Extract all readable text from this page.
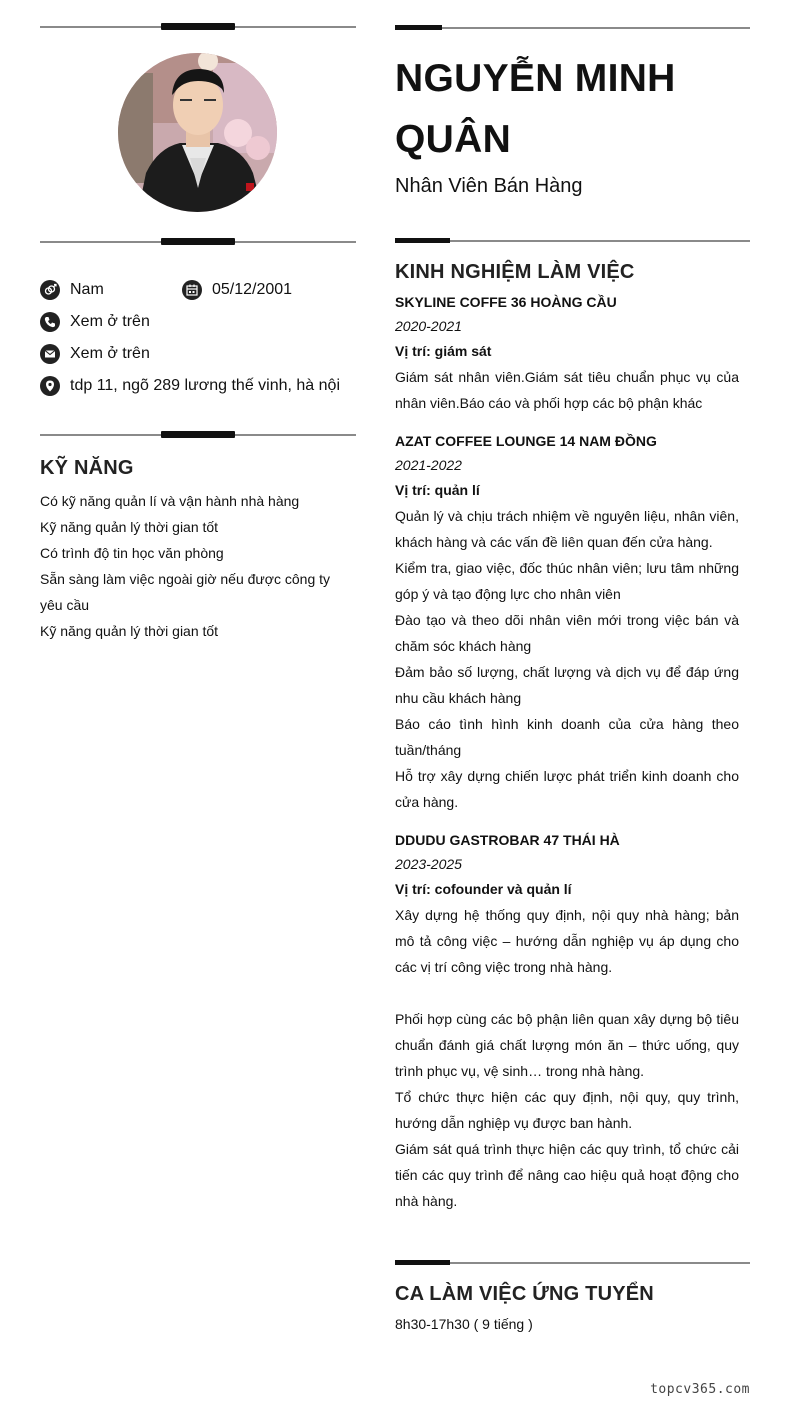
Nam	05/12/2001
Xem ở trên
Xem ở trên
tdp 11, ngõ 289 lương thế vinh, hà nội
KỸ NĂNG
Có kỹ năng quản lí và vận hành nhà hàng
Kỹ năng quản lý thời gian tốt
Có trình độ tin học văn phòng
Sẵn sàng làm việc ngoài giờ nếu được công ty yêu cầu
Kỹ năng quản lý thời gian tốt
NGUYỄN MINH QUÂN
Nhân Viên Bán Hàng
KINH NGHIỆM LÀM VIỆC
SKYLINE COFFE 36 HOÀNG CẦU
2020-2021
Vị trí: giám sát

Giám sát nhân viên.Giám sát tiêu chuẩn phục vụ của nhân viên.Báo cáo và phối hợp các bộ phận khác

AZAT COFFEE LOUNGE 14 NAM ĐỒNG
2021-2022
Vị trí: quản lí

Quản lý và chịu trách nhiệm về nguyên liệu, nhân viên, khách hàng và các vấn đề liên quan đến cửa hàng.

Kiểm tra, giao việc, đốc thúc nhân viên; lưu tâm những góp ý và tạo động lực cho nhân viên

Đào tạo và theo dõi nhân viên mới trong việc bán và chăm sóc khách hàng

Đảm bảo số lượng, chất lượng và dịch vụ để đáp ứng nhu cầu khách hàng

Báo cáo tình hình kinh doanh của cửa hàng theo tuần/tháng

Hỗ trợ xây dựng chiến lược phát triển kinh doanh cho cửa hàng.

DDUDU GASTROBAR 47 THÁI HÀ
2023-2025
Vị trí: cofounder và quản lí

Xây dựng hệ thống quy định, nội quy nhà hàng; bản mô tả công việc – hướng dẫn nghiệp vụ áp dụng cho các vị trí công việc trong nhà hàng.

Phối hợp cùng các bộ phận liên quan xây dựng bộ tiêu chuẩn đánh giá chất lượng món ăn – thức uống, quy trình phục vụ, vệ sinh… trong nhà hàng.

Tổ chức thực hiện các quy định, nội quy, quy trình, hướng dẫn nghiệp vụ được ban hành.

Giám sát quá trình thực hiện các quy trình, tổ chức cải tiến các quy trình để nâng cao hiệu quả hoạt động cho nhà hàng.

CA LÀM VIỆC ỨNG TUYỂN
8h30-17h30 ( 9 tiếng )
topcv365.com
